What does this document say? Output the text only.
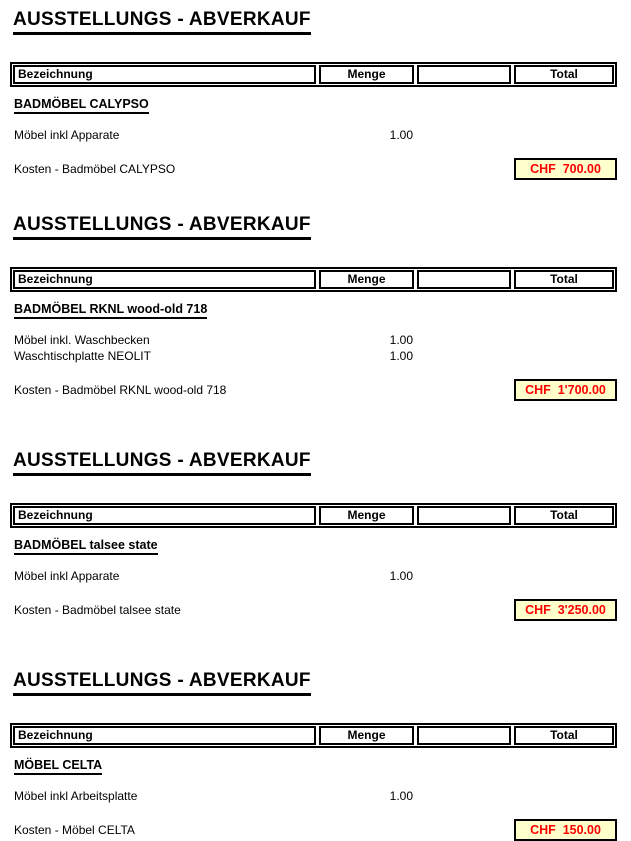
AUSSTELLUNGS - ABVERKAUF
Bezeichnung	Menge	Total
BADMÖBEL CALYPSO
Möbel inkl Apparate	1.00
Kosten - Badmöbel CALYPSO	CHF  700.00
AUSSTELLUNGS - ABVERKAUF
Bezeichnung	Menge	Total
BADMÖBEL RKNL wood-old 718
Möbel inkl. Waschbecken	1.00
Waschtischplatte NEOLIT	1.00
Kosten - Badmöbel RKNL wood-old 718	CHF  1'700.00
AUSSTELLUNGS - ABVERKAUF
Bezeichnung	Menge	Total
BADMÖBEL talsee state
Möbel inkl Apparate	1.00
Kosten - Badmöbel talsee state	CHF  3'250.00
AUSSTELLUNGS - ABVERKAUF
Bezeichnung	Menge	Total
MÖBEL CELTA
Möbel inkl Arbeitsplatte	1.00
Kosten - Möbel CELTA	CHF  150.00
